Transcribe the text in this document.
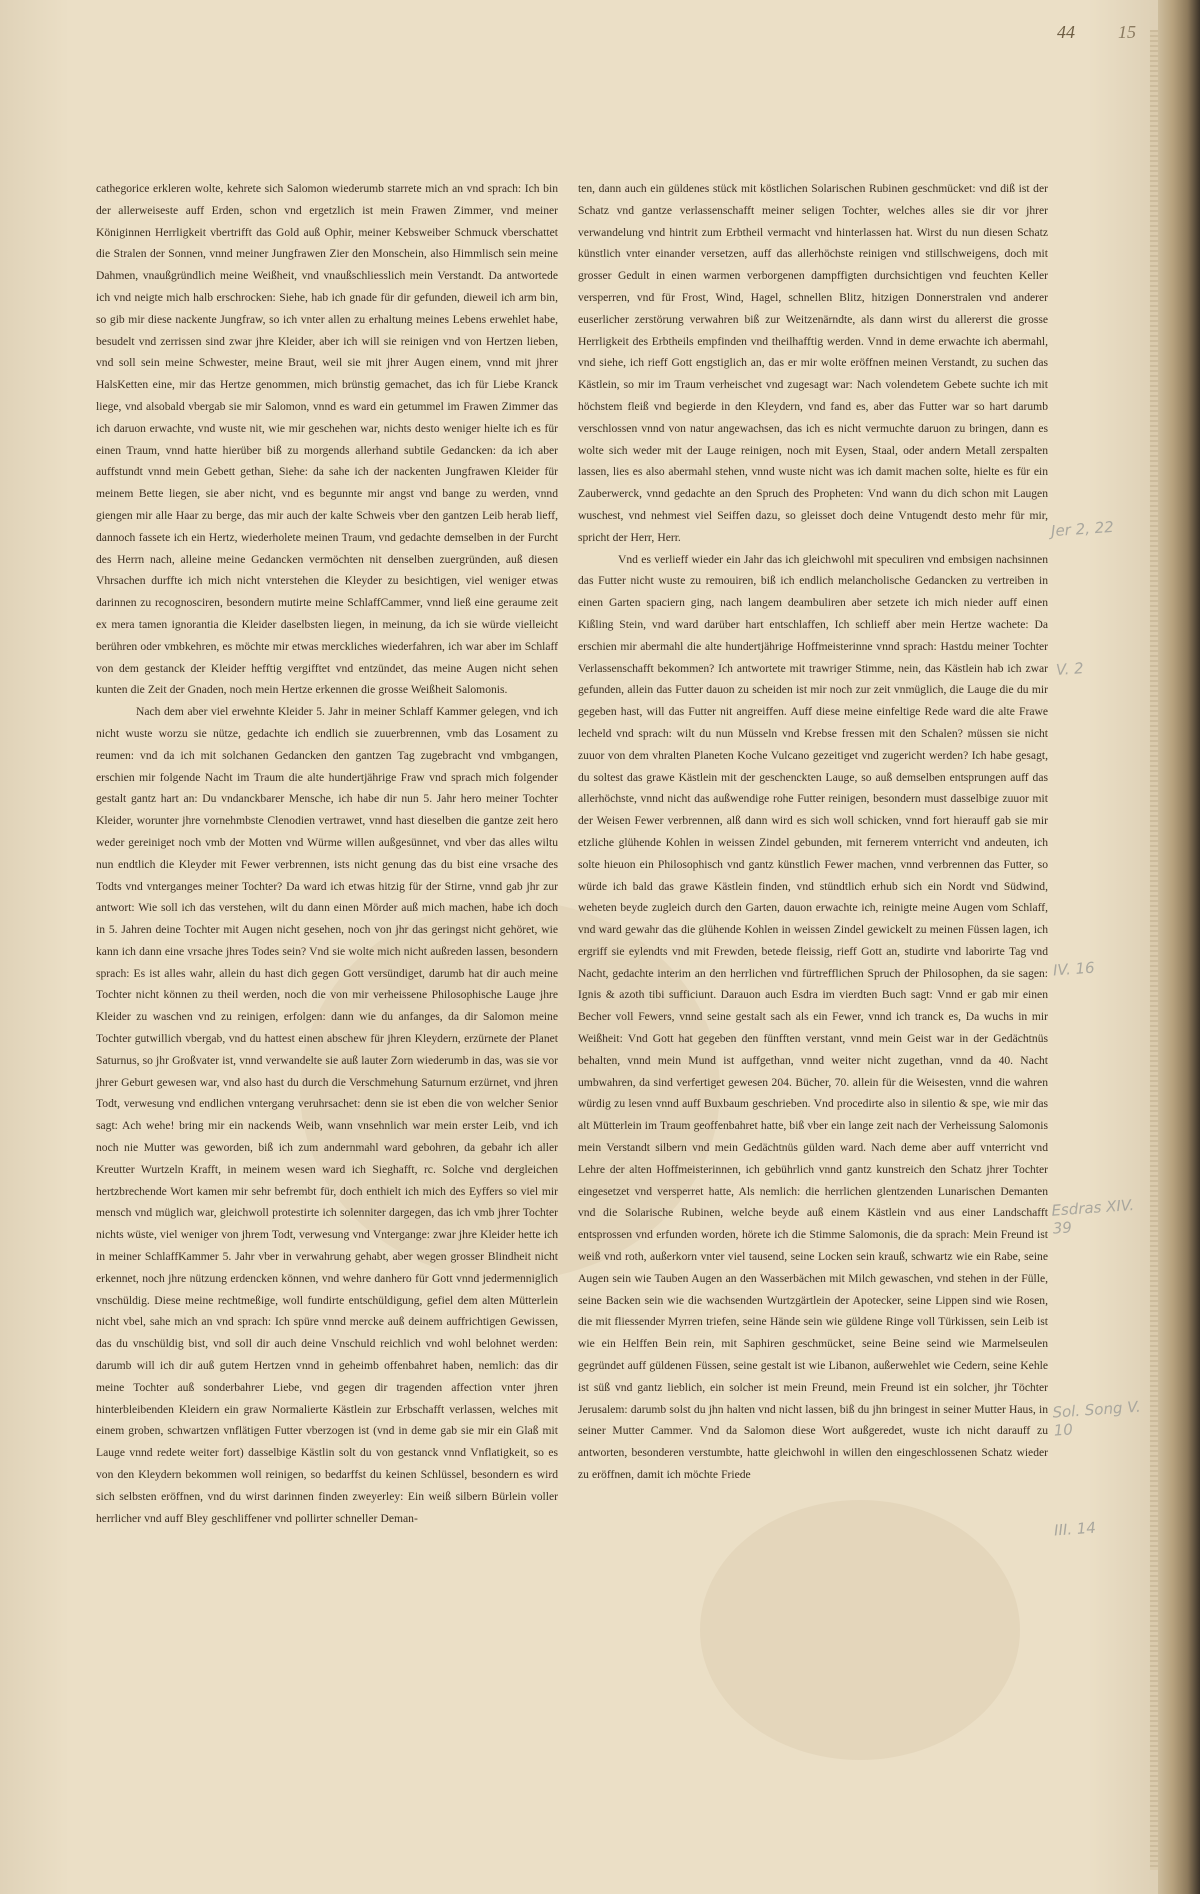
44 15

cathegorice erkleren wolte, kehrete sich Salomon wiederumb starrete mich an vnd sprach: Ich bin der allerweiseste auff Erden, schon vnd ergetzlich ist mein Frawen Zimmer, vnd meiner Königinnen Herrligkeit vbertrifft das Gold auß Ophir, meiner Kebsweiber Schmuck vberschattet die Stralen der Sonnen, vnnd meiner Jungfrawen Zier den Monschein, also Himmlisch sein meine Dahmen, vnaußgründlich meine Weißheit, vnd vnaußschliesslich mein Verstandt. Da antwortede ich vnd neigte mich halb erschrocken: Siehe, hab ich gnade für dir gefunden, dieweil ich arm bin, so gib mir diese nackente Jungfraw, so ich vnter allen zu erhaltung meines Lebens erwehlet habe, besudelt vnd zerrissen sind zwar jhre Kleider, aber ich will sie reinigen vnd von Hertzen lieben, vnd soll sein meine Schwester, meine Braut, weil sie mit jhrer Augen einem, vnnd mit jhrer HalsKetten eine, mir das Hertze genommen, mich brünstig gemachet, das ich für Liebe Kranck liege, vnd alsobald vbergab sie mir Salomon, vnnd es ward ein getummel im Frawen Zimmer das ich daruon erwachte, vnd wuste nit, wie mir geschehen war, nichts desto weniger hielte ich es für einen Traum, vnnd hatte hierüber biß zu morgends allerhand subtile Gedancken: da ich aber auffstundt vnnd mein Gebett gethan, Siehe: da sahe ich der nackenten Jungfrawen Kleider für meinem Bette liegen, sie aber nicht, vnd es begunnte mir angst vnd bange zu werden, vnnd giengen mir alle Haar zu berge, das mir auch der kalte Schweis vber den gantzen Leib herab lieff, dannoch fassete ich ein Hertz, wiederholete meinen Traum, vnd gedachte demselben in der Furcht des Herrn nach, alleine meine Gedancken vermöchten nit denselben zuergründen, auß diesen Vhrsachen durffte ich mich nicht vnterstehen die Kleyder zu besichtigen, viel weniger etwas darinnen zu recognosciren, besondern mutirte meine SchlaffCammer, vnnd ließ eine geraume zeit ex mera tamen ignorantia die Kleider daselbsten liegen, in meinung, da ich sie würde vielleicht berühren oder vmbkehren, es möchte mir etwas merckliches wiederfahren, ich war aber im Schlaff von dem gestanck der Kleider hefftig vergifftet vnd entzündet, das meine Augen nicht sehen kunten die Zeit der Gnaden, noch mein Hertze erkennen die grosse Weißheit Salomonis.

Nach dem aber viel erwehnte Kleider 5. Jahr in meiner Schlaff Kammer gelegen, vnd ich nicht wuste worzu sie nütze, gedachte ich endlich sie zuuerbrennen, vmb das Losament zu reumen: vnd da ich mit solchanen Gedancken den gantzen Tag zugebracht vnd vmbgangen, erschien mir folgende Nacht im Traum die alte hundertjährige Fraw vnd sprach mich folgender gestalt gantz hart an: Du vndanckbarer Mensche, ich habe dir nun 5. Jahr hero meiner Tochter Kleider, worunter jhre vornehmbste Clenodien vertrawet, vnnd hast dieselben die gantze zeit hero weder gereiniget noch vmb der Motten vnd Würme willen außgesünnet, vnd vber das alles wiltu nun endtlich die Kleyder mit Fewer verbrennen, ists nicht genung das du bist eine vrsache des Todts vnd vnterganges meiner Tochter? Da ward ich etwas hitzig für der Stirne, vnnd gab jhr zur antwort: Wie soll ich das verstehen, wilt du dann einen Mörder auß mich machen, habe ich doch in 5. Jahren deine Tochter mit Augen nicht gesehen, noch von jhr das geringst nicht gehöret, wie kann ich dann eine vrsache jhres Todes sein? Vnd sie wolte mich nicht außreden lassen, besondern sprach: Es ist alles wahr, allein du hast dich gegen Gott versündiget, darumb hat dir auch meine Tochter nicht können zu theil werden, noch die von mir verheissene Philosophische Lauge jhre Kleider zu waschen vnd zu reinigen, erfolgen: dann wie du anfanges, da dir Salomon meine Tochter gutwillich vbergab, vnd du hattest einen abschew für jhren Kleydern, erzürnete der Planet Saturnus, so jhr Großvater ist, vnnd verwandelte sie auß lauter Zorn wiederumb in das, was sie vor jhrer Geburt gewesen war, vnd also hast du durch die Verschmehung Saturnum erzürnet, vnd jhren Todt, verwesung vnd endlichen vntergang veruhrsachet: denn sie ist eben die von welcher Senior sagt: Ach wehe! bring mir ein nackends Weib, wann vnsehnlich war mein erster Leib, vnd ich noch nie Mutter was geworden, biß ich zum andernmahl ward gebohren, da gebahr ich aller Kreutter Wurtzeln Krafft, in meinem wesen ward ich Sieghafft, rc. Solche vnd dergleichen hertzbrechende Wort kamen mir sehr befrembt für, doch enthielt ich mich des Eyffers so viel mir mensch vnd müglich war, gleichwoll protestirte ich solenniter dargegen, das ich vmb jhrer Tochter nichts wüste, viel weniger von jhrem Todt, verwesung vnd Vntergange: zwar jhre Kleider hette ich in meiner SchlaffKammer 5. Jahr vber in verwahrung gehabt, aber wegen grosser Blindheit nicht erkennet, noch jhre nützung erdencken können, vnd wehre danhero für Gott vnnd jedermenniglich vnschüldig. Diese meine rechtmeßige, woll fundirte entschüldigung, gefiel dem alten Mütterlein nicht vbel, sahe mich an vnd sprach: Ich spüre vnnd mercke auß deinem auffrichtigen Gewissen, das du vnschüldig bist, vnd soll dir auch deine Vnschuld reichlich vnd wohl belohnet werden: darumb will ich dir auß gutem Hertzen vnnd in geheimb offenbahret haben, nemlich: das dir meine Tochter auß sonderbahrer Liebe, vnd gegen dir tragenden affection vnter jhren hinterbleibenden Kleidern ein graw Normalierte Kästlein zur Erbschafft verlassen, welches mit einem groben, schwartzen vnflätigen Futter vberzogen ist (vnd in deme gab sie mir ein Glaß mit Lauge vnnd redete weiter fort) dasselbige Kästlin solt du von gestanck vnnd Vnflatigkeit, so es von den Kleydern bekommen woll reinigen, so bedarffst du keinen Schlüssel, besondern es wird sich selbsten eröffnen, vnd du wirst darinnen finden zweyerley: Ein weiß silbern Bürlein voller herrlicher vnd auff Bley geschliffener vnd pollirter schneller Deman-

ten, dann auch ein güldenes stück mit köstlichen Solarischen Rubinen geschmücket: vnd diß ist der Schatz vnd gantze verlassenschafft meiner seligen Tochter, welches alles sie dir vor jhrer verwandelung vnd hintrit zum Erbtheil vermacht vnd hinterlassen hat. Wirst du nun diesen Schatz künstlich vnter einander versetzen, auff das allerhöchste reinigen vnd stillschweigens, doch mit grosser Gedult in einen warmen verborgenen dampffigten durchsichtigen vnd feuchten Keller versperren, vnd für Frost, Wind, Hagel, schnellen Blitz, hitzigen Donnerstralen vnd anderer euserlicher zerstörung verwahren biß zur Weitzenärndte, als dann wirst du allererst die grosse Herrligkeit des Erbtheils empfinden vnd theilhafftig werden. Vnnd in deme erwachte ich abermahl, vnd siehe, ich rieff Gott engstiglich an, das er mir wolte eröffnen meinen Verstandt, zu suchen das Kästlein, so mir im Traum verheischet vnd zugesagt war: Nach volendetem Gebete suchte ich mit höchstem fleiß vnd begierde in den Kleydern, vnd fand es, aber das Futter war so hart darumb verschlossen vnnd von natur angewachsen, das ich es nicht vermuchte daruon zu bringen, dann es wolte sich weder mit der Lauge reinigen, noch mit Eysen, Staal, oder andern Metall zerspalten lassen, lies es also abermahl stehen, vnnd wuste nicht was ich damit machen solte, hielte es für ein Zauberwerck, vnnd gedachte an den Spruch des Propheten: Vnd wann du dich schon mit Laugen wuschest, vnd nehmest viel Seiffen dazu, so gleisset doch deine Vntugendt desto mehr für mir, spricht der Herr, Herr.

Vnd es verlieff wieder ein Jahr das ich gleichwohl mit speculiren vnd embsigen nachsinnen das Futter nicht wuste zu remouiren, biß ich endlich melancholische Gedancken zu vertreiben in einen Garten spaciern ging, nach langem deambuliren aber setzete ich mich nieder auff einen Kißling Stein, vnd ward darüber hart entschlaffen, Ich schlieff aber mein Hertze wachete: Da erschien mir abermahl die alte hundertjährige Hoffmeisterinne vnnd sprach: Hastdu meiner Tochter Verlassenschafft bekommen? Ich antwortete mit trawriger Stimme, nein, das Kästlein hab ich zwar gefunden, allein das Futter dauon zu scheiden ist mir noch zur zeit vnmüglich, die Lauge die du mir gegeben hast, will das Futter nit angreiffen. Auff diese meine einfeltige Rede ward die alte Frawe lecheld vnd sprach: wilt du nun Müsseln vnd Krebse fressen mit den Schalen? müssen sie nicht zuuor von dem vhralten Planeten Koche Vulcano gezeitiget vnd zugericht werden? Ich habe gesagt, du soltest das grawe Kästlein mit der geschenckten Lauge, so auß demselben entsprungen auff das allerhöchste, vnnd nicht das außwendige rohe Futter reinigen, besondern must dasselbige zuuor mit der Weisen Fewer verbrennen, alß dann wird es sich woll schicken, vnnd fort hierauff gab sie mir etzliche glühende Kohlen in weissen Zindel gebunden, mit fernerem vnterricht vnd andeuten, ich solte hieuon ein Philosophisch vnd gantz künstlich Fewer machen, vnnd verbrennen das Futter, so würde ich bald das grawe Kästlein finden, vnd stündtlich erhub sich ein Nordt vnd Südwind, weheten beyde zugleich durch den Garten, dauon erwachte ich, reinigte meine Augen vom Schlaff, vnd ward gewahr das die glühende Kohlen in weissen Zindel gewickelt zu meinen Füssen lagen, ich ergriff sie eylendts vnd mit Frewden, betede fleissig, rieff Gott an, studirte vnd laborirte Tag vnd Nacht, gedachte interim an den herrlichen vnd fürtrefflichen Spruch der Philosophen, da sie sagen: Ignis & azoth tibi sufficiunt. Darauon auch Esdra im vierdten Buch sagt: Vnnd er gab mir einen Becher voll Fewers, vnnd seine gestalt sach als ein Fewer, vnnd ich tranck es, Da wuchs in mir Weißheit: Vnd Gott hat gegeben den fünfften verstant, vnnd mein Geist war in der Gedächtnüs behalten, vnnd mein Mund ist auffgethan, vnnd weiter nicht zugethan, vnnd da 40. Nacht umbwahren, da sind verfertiget gewesen 204. Bücher, 70. allein für die Weisesten, vnnd die wahren würdig zu lesen vnnd auff Buxbaum geschrieben. Vnd procedirte also in silentio & spe, wie mir das alt Mütterlein im Traum geoffenbahret hatte, biß vber ein lange zeit nach der Verheissung Salomonis mein Verstandt silbern vnd mein Gedächtnüs gülden ward. Nach deme aber auff vnterricht vnd Lehre der alten Hoffmeisterinnen, ich gebührlich vnnd gantz kunstreich den Schatz jhrer Tochter eingesetzet vnd versperret hatte, Als nemlich: die herrlichen glentzenden Lunarischen Demanten vnd die Solarische Rubinen, welche beyde auß einem Kästlein vnd aus einer Landschafft entsprossen vnd erfunden worden, hörete ich die Stimme Salomonis, die da sprach: Mein Freund ist weiß vnd roth, außerkorn vnter viel tausend, seine Locken sein krauß, schwartz wie ein Rabe, seine Augen sein wie Tauben Augen an den Wasserbächen mit Milch gewaschen, vnd stehen in der Fülle, seine Backen sein wie die wachsenden Wurtzgärtlein der Apotecker, seine Lippen sind wie Rosen, die mit fliessender Myrren triefen, seine Hände sein wie güldene Ringe voll Türkissen, sein Leib ist wie ein Helffen Bein rein, mit Saphiren geschmücket, seine Beine seind wie Marmelseulen gegründet auff güldenen Füssen, seine gestalt ist wie Libanon, außerwehlet wie Cedern, seine Kehle ist süß vnd gantz lieblich, ein solcher ist mein Freund, mein Freund ist ein solcher, jhr Töchter Jerusalem: darumb solst du jhn halten vnd nicht lassen, biß du jhn bringest in seiner Mutter Haus, in seiner Mutter Cammer. Vnd da Salomon diese Wort außgeredet, wuste ich nicht darauff zu antworten, besonderen verstumbte, hatte gleichwohl in willen den eingeschlossenen Schatz wieder zu eröffnen, damit ich möchte Friede

Jer 2, 22
V. 2
IV. 16
Esdras XIV. 39
Sol. Song V. 10
III. 14
